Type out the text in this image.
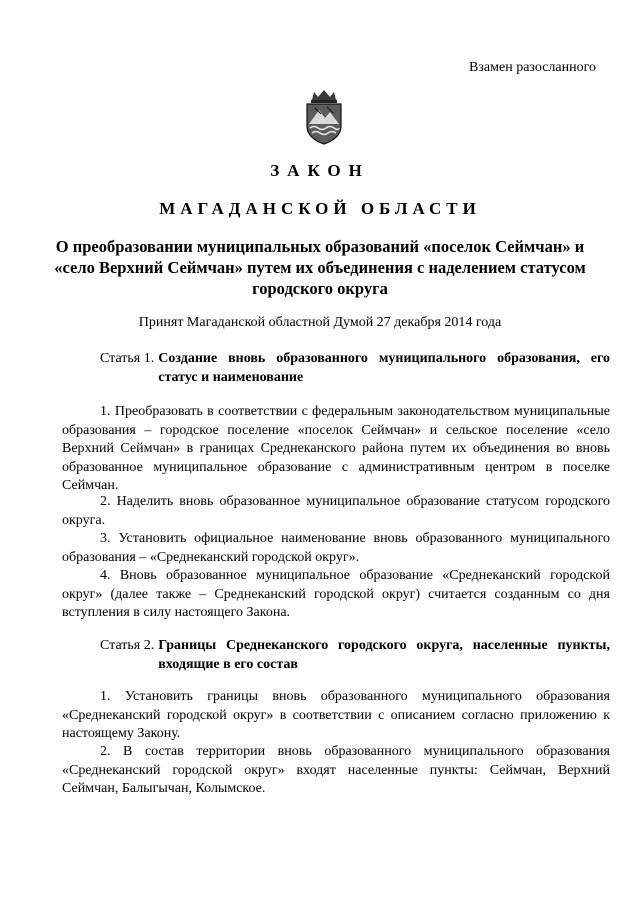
Взамен разосланного
ЗАКОН
МАГАДАНСКОЙ ОБЛАСТИ
О преобразовании муниципальных образований «поселок Сеймчан» и «село Верхний Сеймчан» путем их объединения с наделением статусом городского округа
Принят Магаданской областной Думой 27 декабря 2014 года
Статья 1. Создание вновь образованного муниципального образования, его статус и наименование

1. Преобразовать в соответствии с федеральным законодательством муниципальные образования – городское поселение «поселок Сеймчан» и сельское поселение «село Верхний Сеймчан» в границах Среднеканского района путем их объединения во вновь образованное муниципальное образование с административным центром в поселке Сеймчан.

2. Наделить вновь образованное муниципальное образование статусом городского округа.

3. Установить официальное наименование вновь образованного муниципального образования – «Среднеканский городской округ».

4. Вновь образованное муниципальное образование «Среднеканский городской округ» (далее также – Среднеканский городской округ) считается созданным со дня вступления в силу настоящего Закона.

Статья 2. Границы Среднеканского городского округа, населенные пункты, входящие в его состав

1. Установить границы вновь образованного муниципального образования «Среднеканский городской округ» в соответствии с описанием согласно приложению к настоящему Закону.

2. В состав территории вновь образованного муниципального образования «Среднеканский городской округ» входят населенные пункты: Сеймчан, Верхний Сеймчан, Балыгычан, Колымское.
